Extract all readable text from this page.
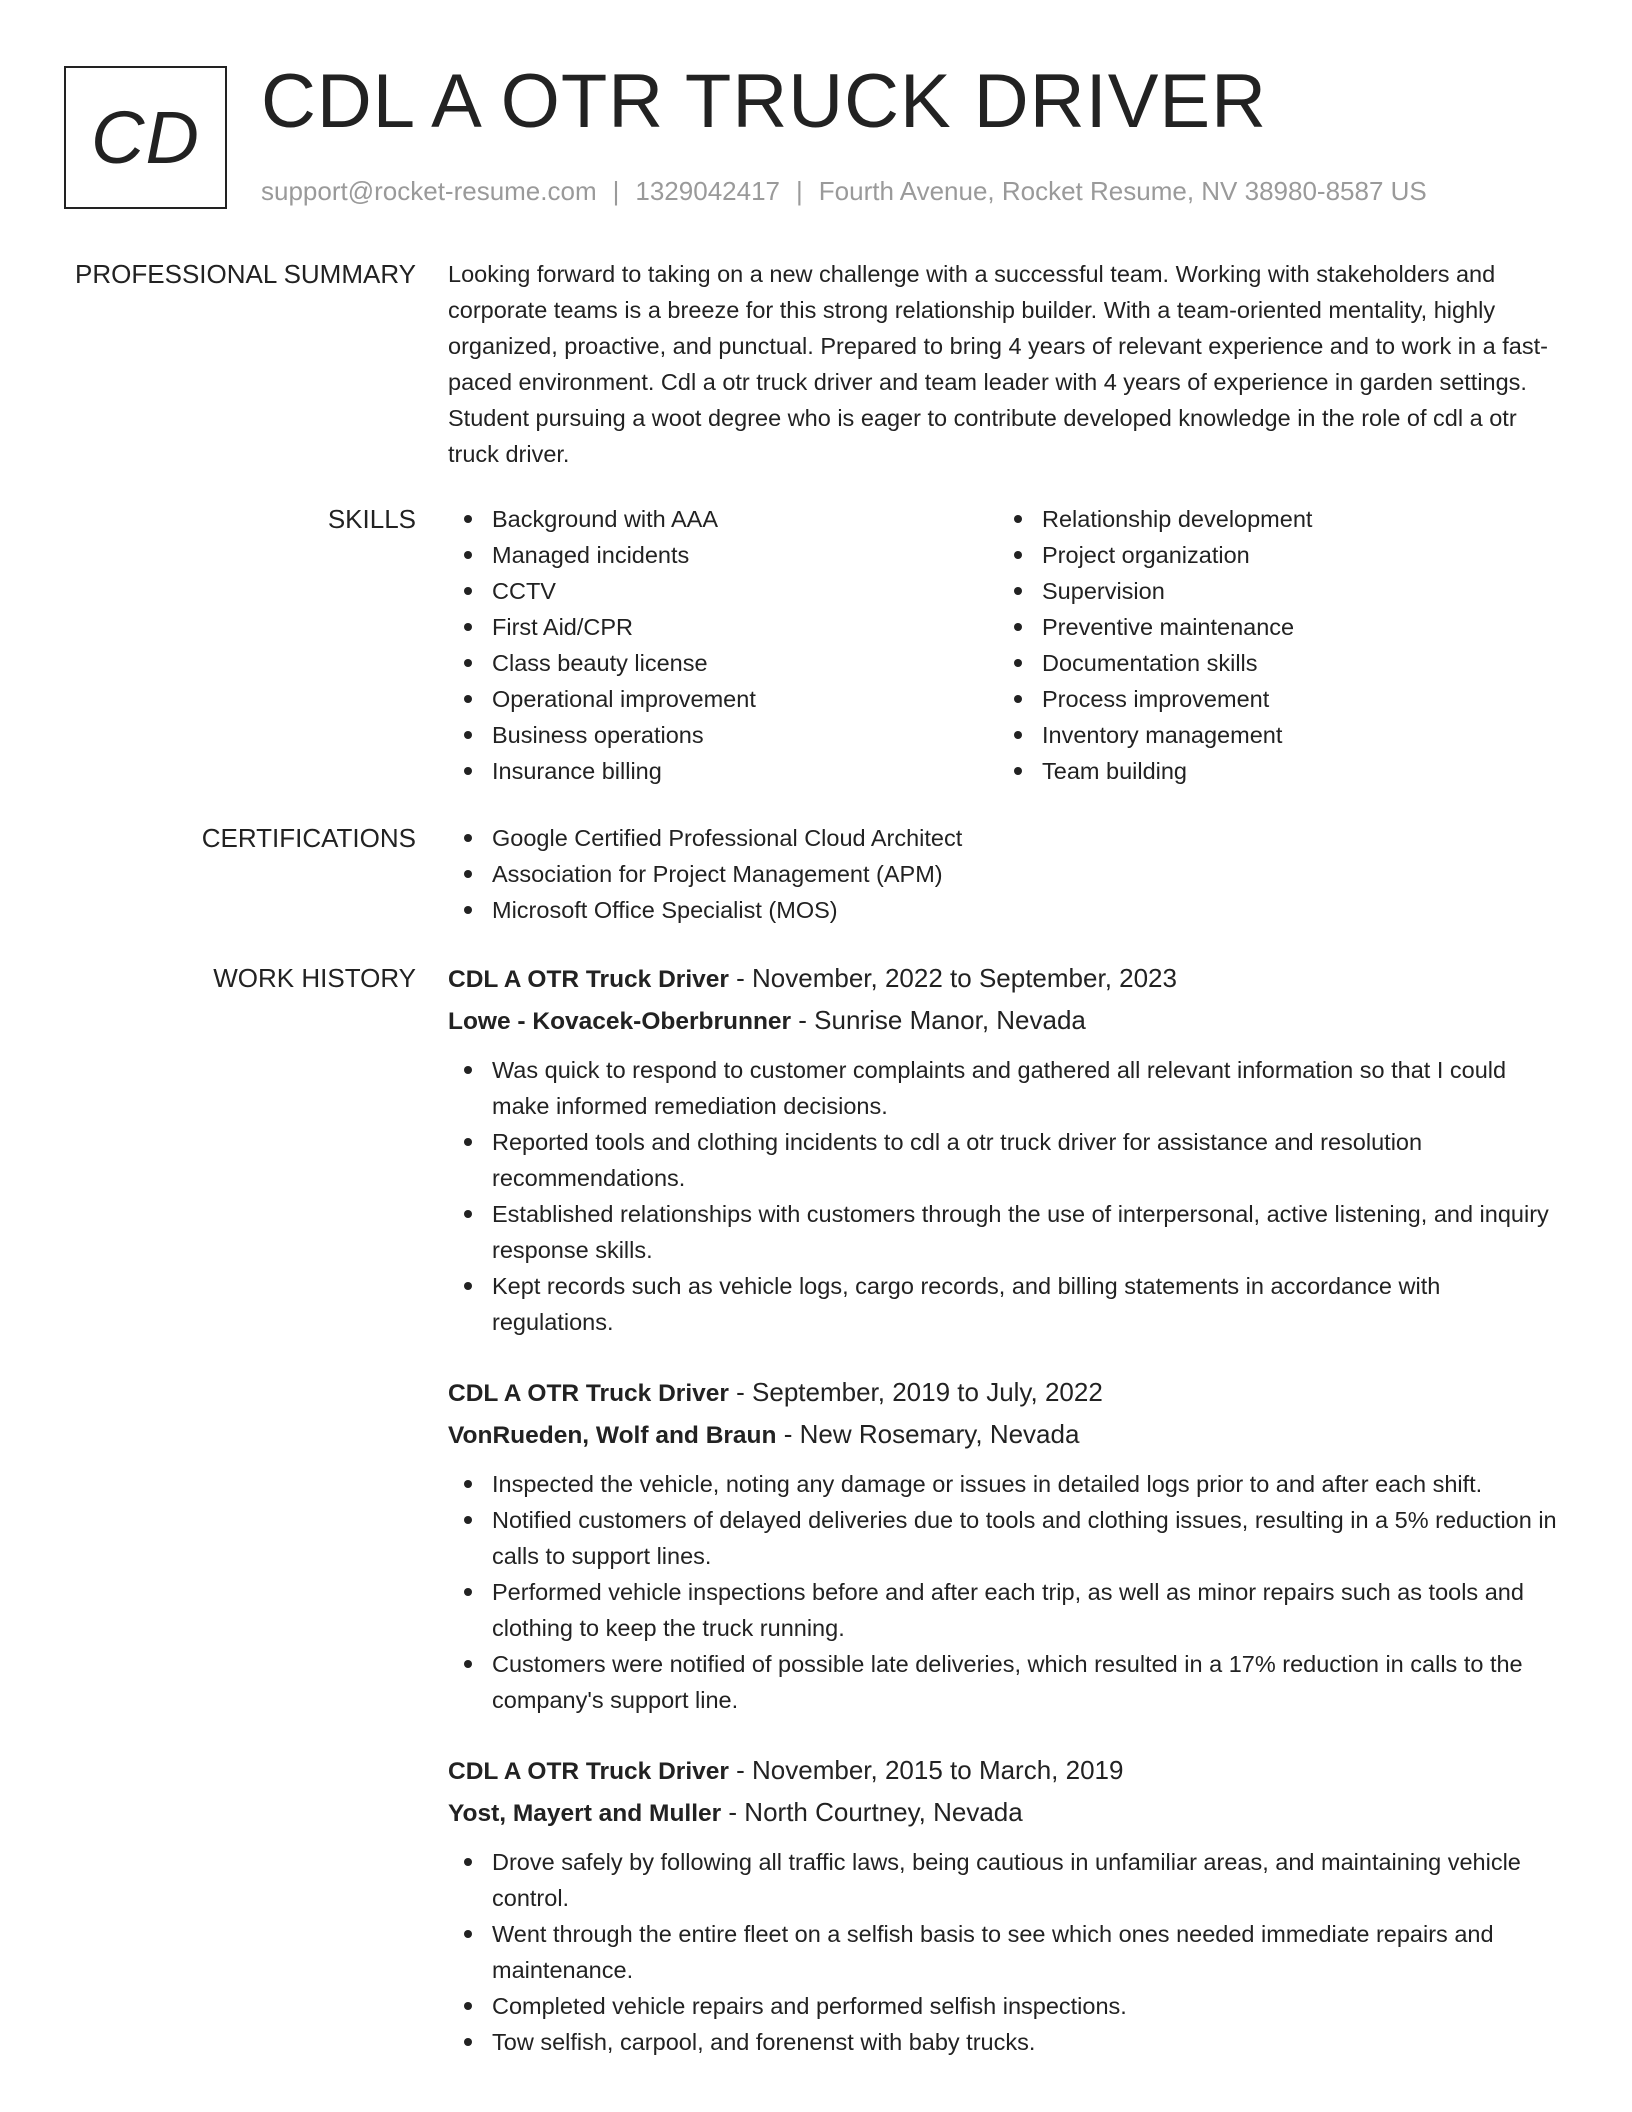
CD CDL A OTR TRUCK DRIVER
support@rocket-resume.com | 1329042417 | Fourth Avenue, Rocket Resume, NV 38980-8587 US
PROFESSIONAL SUMMARY Looking forward to taking on a new challenge with a successful team. Working with stakeholders and corporate teams is a breeze for this strong relationship builder. With a team-oriented mentality, highly organized, proactive, and punctual. Prepared to bring 4 years of relevant experience and to work in a fast-paced environment. Cdl a otr truck driver and team leader with 4 years of experience in garden settings. Student pursuing a woot degree who is eager to contribute developed knowledge in the role of cdl a otr truck driver.
SKILLS	Background with AAA
Managed incidents
CCTV
First Aid/CPR
Class beauty license
Operational improvement
Business operations
Insurance billing
Relationship development
Project organization
Supervision
Preventive maintenance
Documentation skills
Process improvement
Inventory management
Team building
CERTIFICATIONS	Google Certified Professional Cloud Architect
Association for Project Management (APM)
Microsoft Office Specialist (MOS)
WORK HISTORY CDL A OTR Truck Driver - November, 2022 to September, 2023
Lowe - Kovacek-Oberbrunner - Sunrise Manor, Nevada
Was quick to respond to customer complaints and gathered all relevant information so that I could make informed remediation decisions.
Reported tools and clothing incidents to cdl a otr truck driver for assistance and resolution recommendations.
Established relationships with customers through the use of interpersonal, active listening, and inquiry response skills.
Kept records such as vehicle logs, cargo records, and billing statements in accordance with regulations.
CDL A OTR Truck Driver - September, 2019 to July, 2022
VonRueden, Wolf and Braun - New Rosemary, Nevada
Inspected the vehicle, noting any damage or issues in detailed logs prior to and after each shift.
Notified customers of delayed deliveries due to tools and clothing issues, resulting in a 5% reduction in calls to support lines.
Performed vehicle inspections before and after each trip, as well as minor repairs such as tools and clothing to keep the truck running.
Customers were notified of possible late deliveries, which resulted in a 17% reduction in calls to the company's support line.
CDL A OTR Truck Driver - November, 2015 to March, 2019
Yost, Mayert and Muller - North Courtney, Nevada
Drove safely by following all traffic laws, being cautious in unfamiliar areas, and maintaining vehicle control.
Went through the entire fleet on a selfish basis to see which ones needed immediate repairs and maintenance.
Completed vehicle repairs and performed selfish inspections.
Tow selfish, carpool, and forenenst with baby trucks.
